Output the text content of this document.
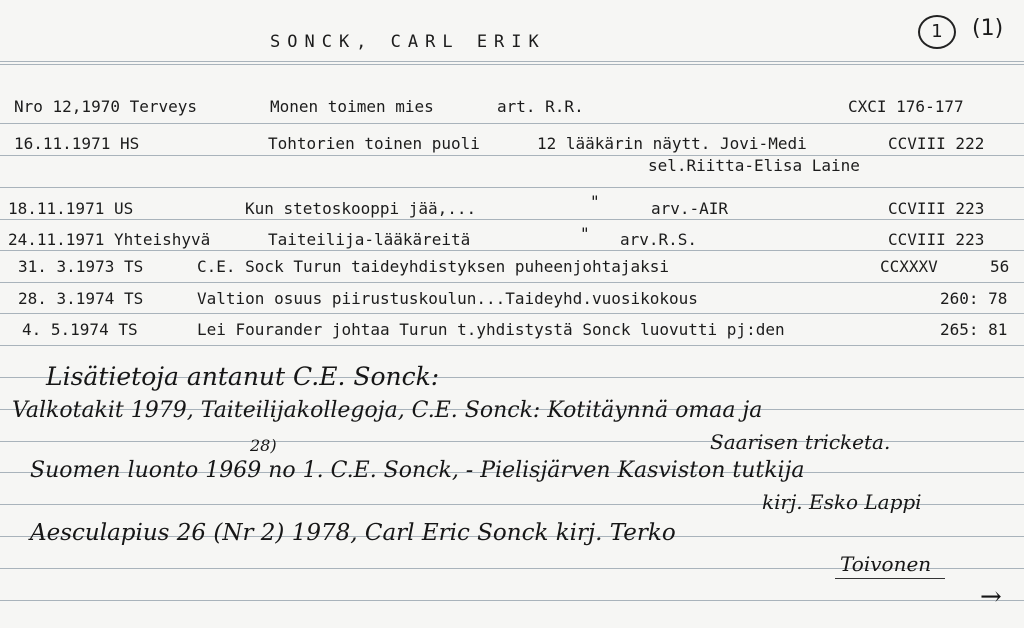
SONCK, CARL ERIK	1	(1)
Nro 12,1970 Terveys	Monen toimen mies	art. R.R.	CXCI 176-177
16.11.1971 HS	Tohtorien toinen puoli	12 lääkärin näytt. Jovi-Medi	CCVIII 222
sel.Riitta-Elisa Laine
18.11.1971 US	Kun stetoskooppi jää,...	"	arv.-AIR	CCVIII 223
24.11.1971 Yhteishyvä	Taiteilija-lääkäreitä	" arv.R.S.	CCVIII 223
31. 3.1973 TS	C.E. Sock Turun taideyhdistyksen puheenjohtajaksi	CCXXXV	56
28. 3.1974 TS	Valtion osuus piirustuskoulun...Taideyhd.vuosikokous	260: 78
4. 5.1974 TS	Lei Fourander johtaa Turun t.yhdistystä Sonck luovutti pj:den	265: 81
Lisätietoja antanut C.E. Sonck:
Valkotakit 1979, Taiteilijakollegoja, C.E. Sonck: Kotitäynnä omaa ja
Saarisen tricketa.
28)
Suomen luonto 1969 no 1. C.E. Sonck, - Pielisjärven Kasviston tutkija
kirj. Esko Lappi
Aesculapius 26 (Nr 2) 1978, Carl Eric Sonck kirj. Terko
Toivonen
→
